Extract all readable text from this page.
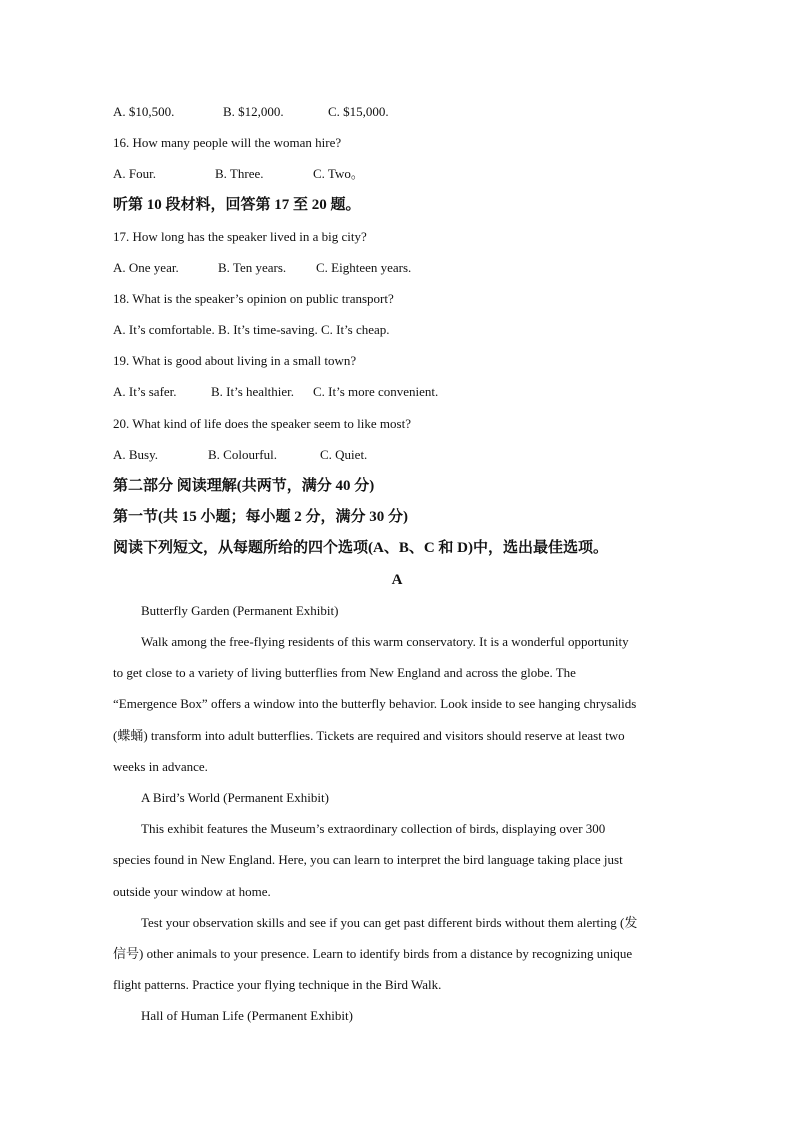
A. $10,500.	B. $12,000.	C. $15,000.
16. How many people will the woman hire?
A. Four.	B. Three.	C. Two。
听第 10 段材料，回答第 17 至 20 题。
17. How long has the speaker lived in a big city?
A. One year.	B. Ten years. C. Eighteen years.
18. What is the speaker’s opinion on public transport?
A. It’s comfortable. B. It’s time-saving. C. It’s cheap.
19. What is good about living in a small town?
A. It’s safer.	B. It’s healthier. C. It’s more convenient.
20. What kind of life does the speaker seem to like most?
A. Busy.	B. Colourful.	C. Quiet.
第二部分 阅读理解(共两节，满分 40 分)
第一节(共 15 小题；每小题 2 分，满分 30 分)
阅读下列短文，从每题所给的四个选项(A、B、C 和 D)中，选出最佳选项。
A
Butterfly Garden (Permanent Exhibit)
Walk among the free-flying residents of this warm conservatory. It is a wonderful opportunity
to get close to a variety of living butterflies from New England and across the globe. The
“Emergence Box” offers a window into the butterfly behavior. Look inside to see hanging chrysalids
(蝶蛹) transform into adult butterflies. Tickets are required and visitors should reserve at least two
weeks in advance.
A Bird’s World (Permanent Exhibit)
This exhibit features the Museum’s extraordinary collection of birds, displaying over 300
species found in New England. Here, you can learn to interpret the bird language taking place just
outside your window at home.
Test your observation skills and see if you can get past different birds without them alerting (发
信号) other animals to your presence. Learn to identify birds from a distance by recognizing unique
flight patterns. Practice your flying technique in the Bird Walk.
Hall of Human Life (Permanent Exhibit)
